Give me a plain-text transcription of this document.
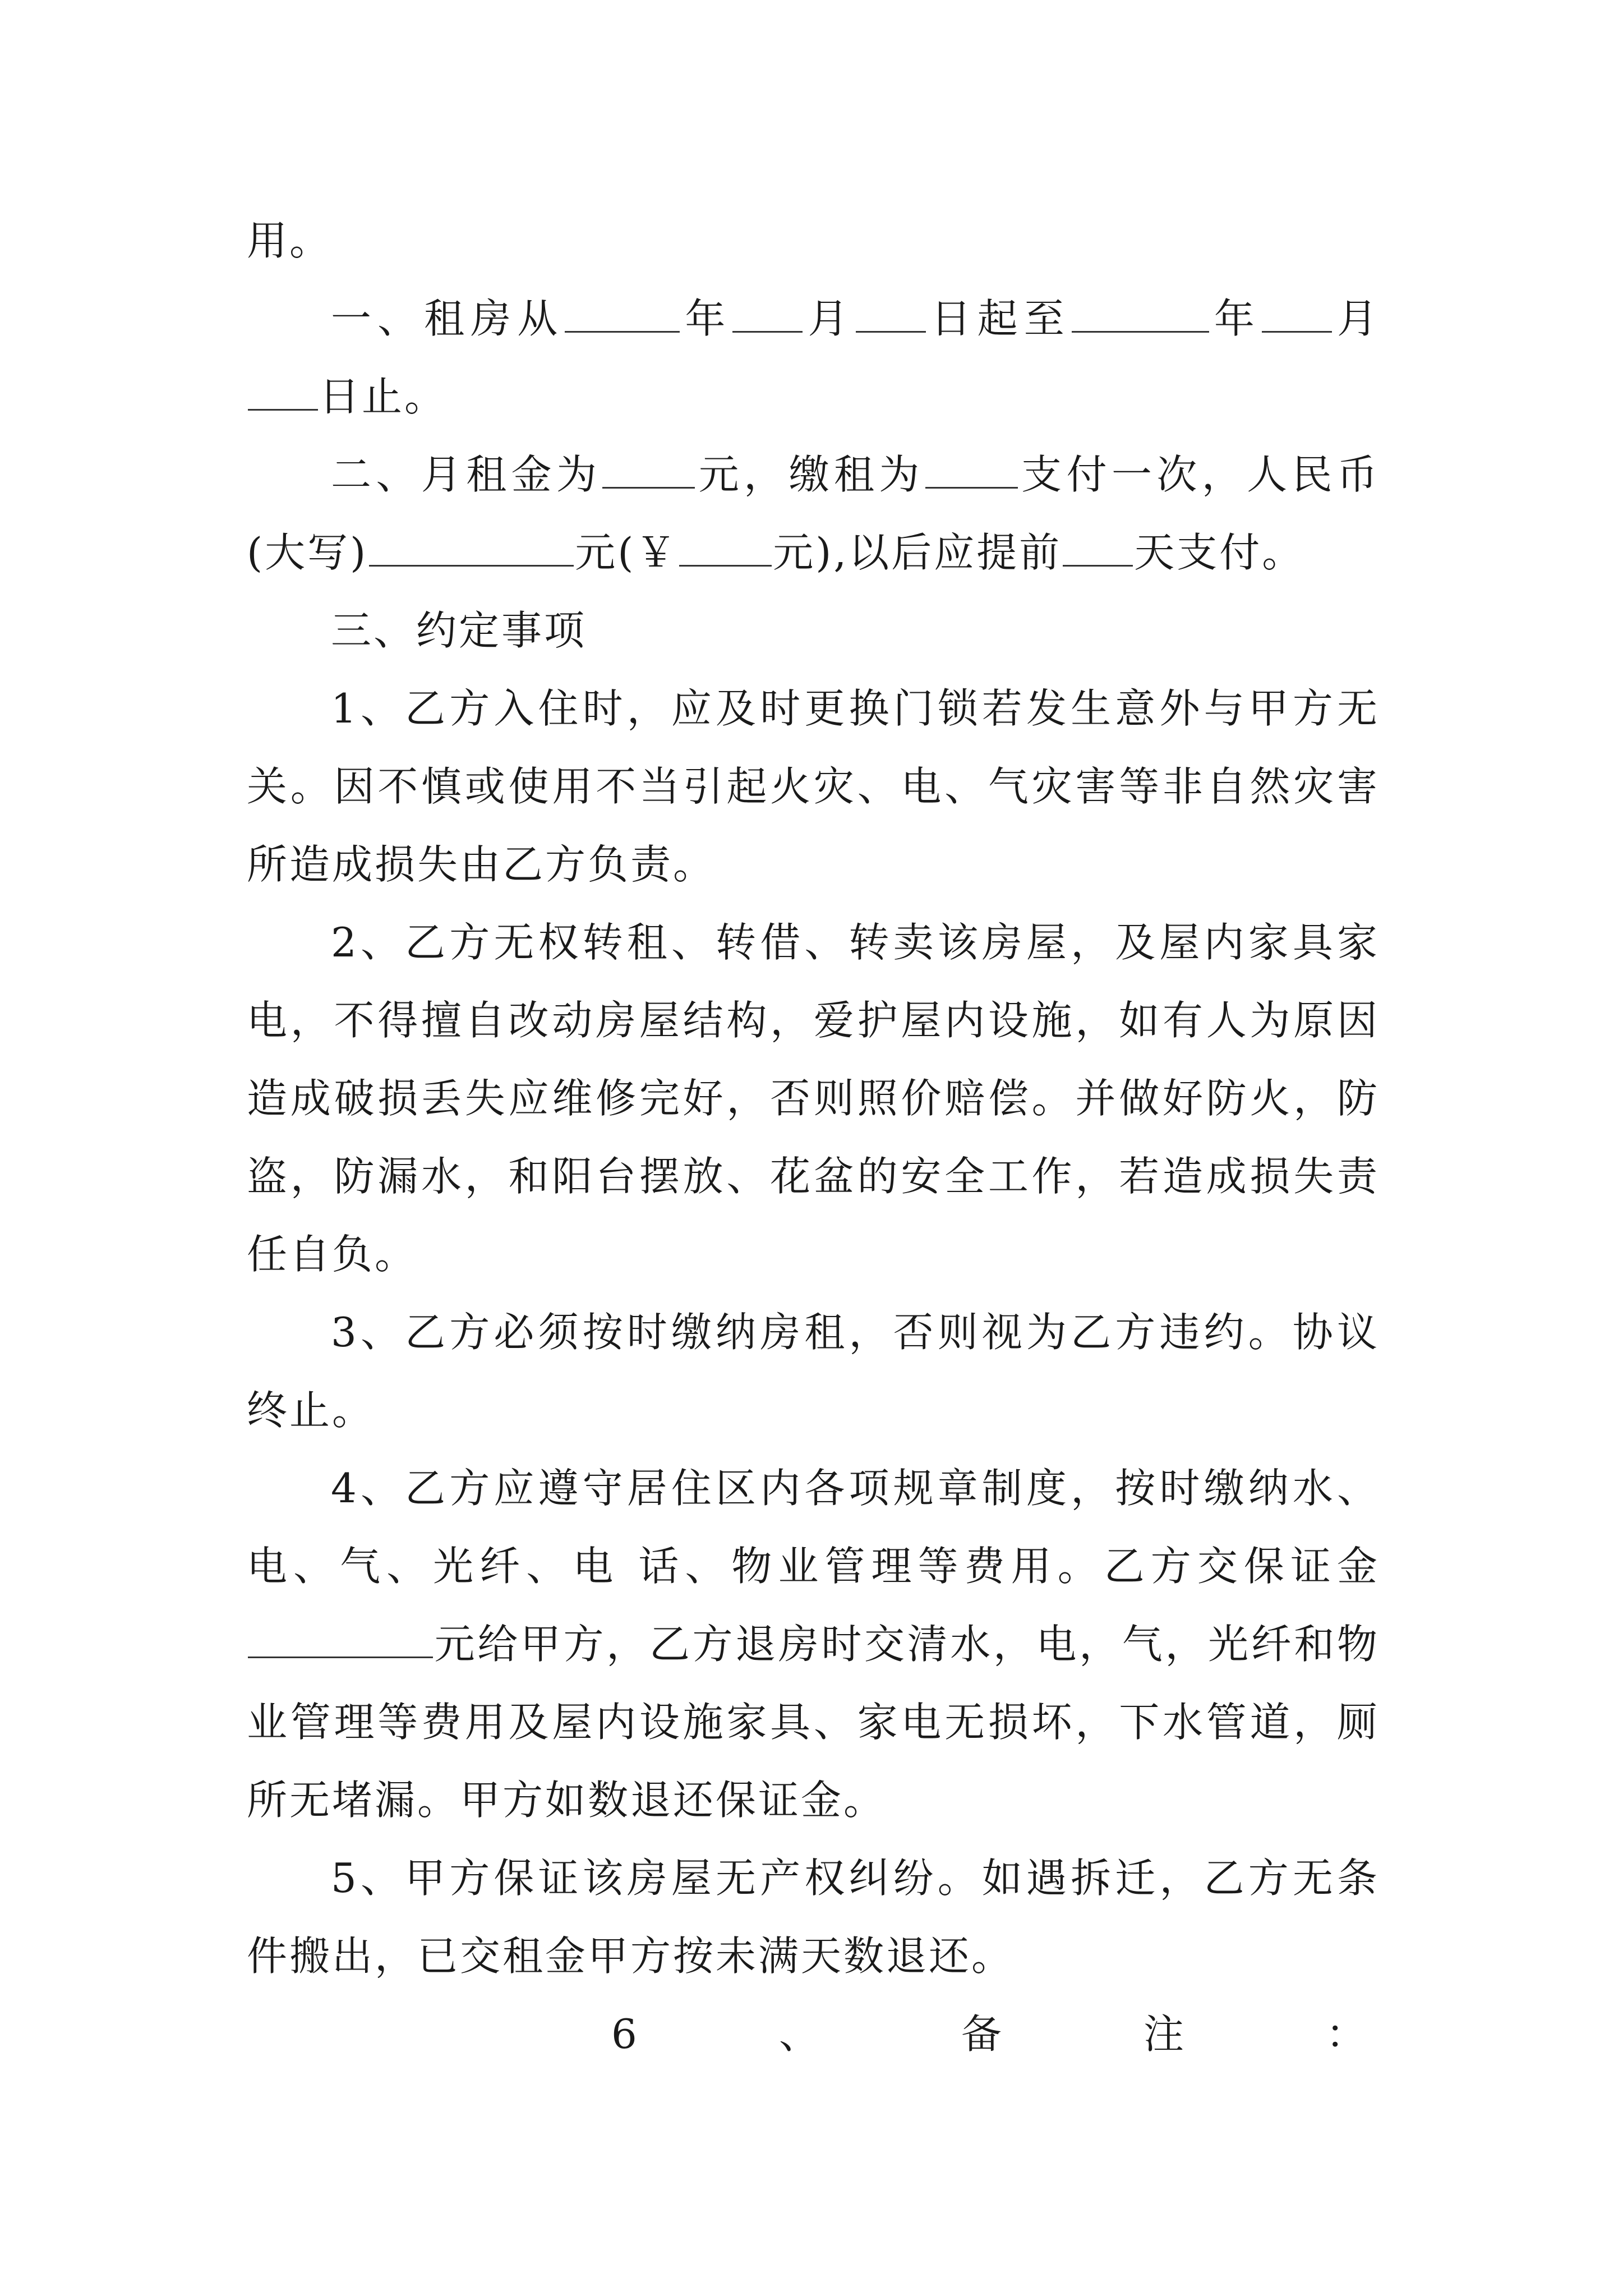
用。

一、租房从	年 月 日起至	年 月日止。

二、月租金为 元，缴租为 支付一次，人民币(大写)	元(￥ 元),以后应提前 天支付。

三、约定事项

1、乙方入住时，应及时更换门锁若发生意外与甲方无关。因不慎或使用不当引起火灾、电、气灾害等非自然灾害所造成损失由乙方负责。

2、乙方无权转租、转借、转卖该房屋，及屋内家具家电，不得擅自改动房屋结构，爱护屋内设施，如有人为原因造成破损丢失应维修完好，否则照价赔偿。并做好防火，防盗，防漏水，和阳台摆放、花盆的安全工作，若造成损失责任自负。

3、乙方必须按时缴纳房租，否则视为乙方违约。协议终止。

4、乙方应遵守居住区内各项规章制度，按时缴纳水、电、气、光纤、电 话、物业管理等费用。乙方交保证金元给甲方，乙方退房时交清水，电，气，光纤和物业管理等费用及屋内设施家具、家电无损坏，下水管道，厕所无堵漏。甲方如数退还保证金。

5、甲方保证该房屋无产权纠纷。如遇拆迁，乙方无条件搬出，已交租金甲方按未满天数退还。

6	、	备	注	：
